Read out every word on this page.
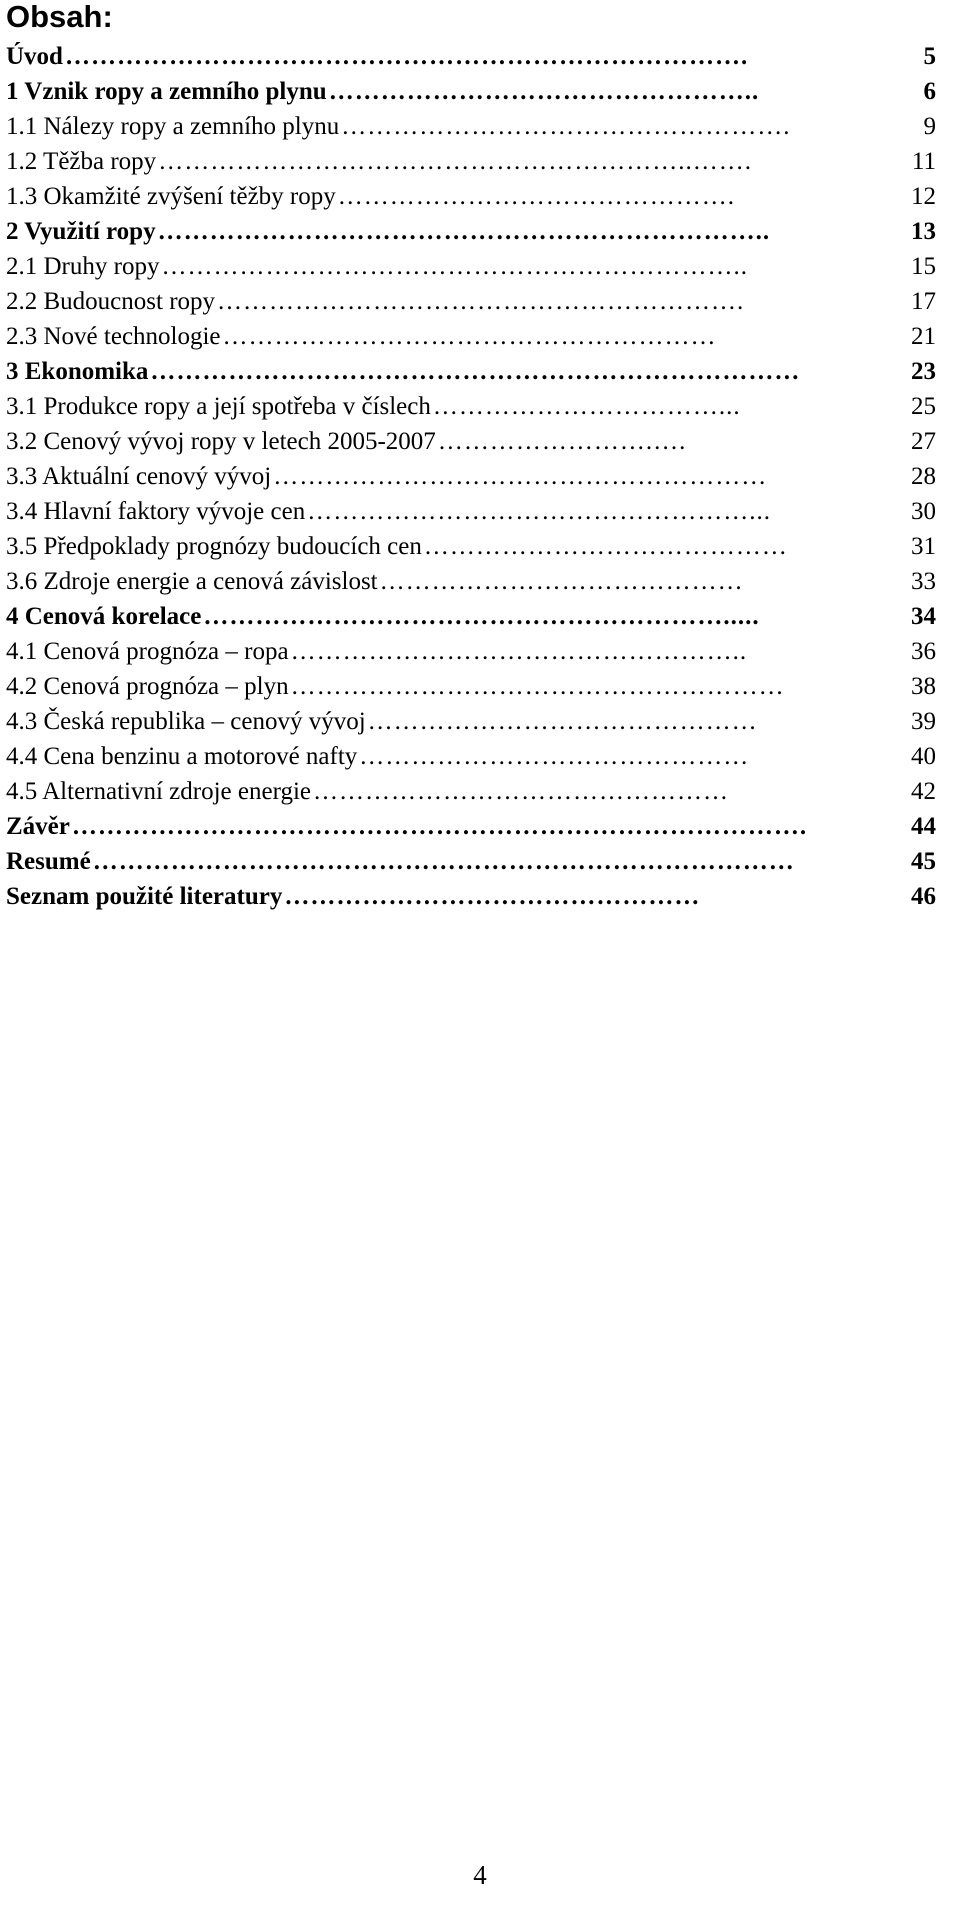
Obsah:
Úvod …………………………………………………………………….	5
1 Vznik ropy a zemního plynu …………………………………………..	6
1.1 Nálezy ropy a zemního plynu …………………………………………….	9
1.2 Těžba ropy ……………………………………………………..…….	11
1.3 Okamžité zvýšení těžby ropy ……………………………………….	12
2 Využití ropy ……………………………………………………………..	13
2.1 Druhy ropy …………………………………………………………..	15
2.2 Budoucnost ropy …………………………………………………….	17
2.3 Nové technologie …………………………………………………	21
3 Ekonomika …………………………………………………………………	23
3.1 Produkce ropy a její spotřeba v číslech ……………………………...	25
3.2 Cenový vývoj ropy v letech 2005-2007 …………………….….	27
3.3 Aktuální cenový vývoj …………………………………………………	28
3.4 Hlavní faktory vývoje cen ……………………………………………...	30
3.5 Předpoklady prognózy budoucích cen ……………………………………	31
3.6 Zdroje energie a cenová závislost ……………………………………	33
4 Cenová korelace …………………………………………………….....	34
4.1 Cenová prognóza – ropa ……………………………………………..	36
4.2 Cenová prognóza – plyn …………………………………………………	38
4.3 Česká republika – cenový vývoj ………………………………………	39
4.4 Cena benzinu a motorové nafty ………………………………………	40
4.5 Alternativní zdroje energie …………………………………………	42
Závěr ………………………………………………………………………….	44
Resumé ………………………………………………………………………	45
Seznam použité literatury …………………………………………	46
4
